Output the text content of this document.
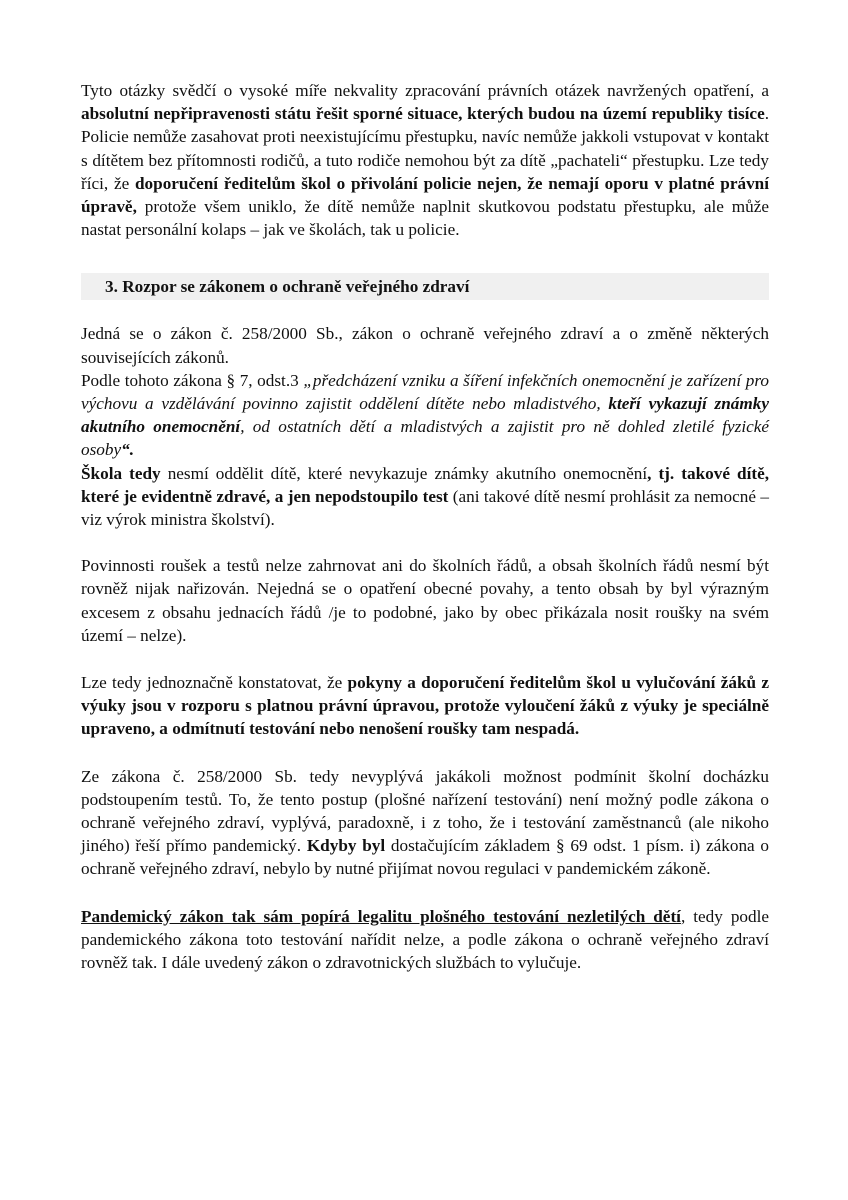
Tyto otázky svědčí o vysoké míře nekvality zpracování právních otázek navržených opatření, a absolutní nepřipravenosti státu řešit sporné situace, kterých budou na území republiky tisíce. Policie nemůže zasahovat proti neexistujícímu přestupku, navíc nemůže jakkoli vstupovat v kontakt s dítětem bez přítomnosti rodičů, a tuto rodiče nemohou být za dítě „pachateli“ přestupku. Lze tedy říci, že doporučení ředitelům škol o přivolání policie nejen, že nemají oporu v platné právní úpravě, protože všem uniklo, že dítě nemůže naplnit skutkovou podstatu přestupku, ale může nastat personální kolaps – jak ve školách, tak u policie.

3. Rozpor se zákonem o ochraně veřejného zdraví

Jedná se o zákon č. 258/2000 Sb., zákon o ochraně veřejného zdraví a o změně některých souvisejících zákonů.

Podle tohoto zákona § 7, odst.3 „předcházení vzniku a šíření infekčních onemocnění je zařízení pro výchovu a vzdělávání povinno zajistit oddělení dítěte nebo mladistvého, kteří vykazují známky akutního onemocnění, od ostatních dětí a mladistvých a zajistit pro ně dohled zletilé fyzické osoby“.

Škola tedy nesmí oddělit dítě, které nevykazuje známky akutního onemocnění, tj. takové dítě, které je evidentně zdravé, a jen nepodstoupilo test (ani takové dítě nesmí prohlásit za nemocné – viz výrok ministra školství).

Povinnosti roušek a testů nelze zahrnovat ani do školních řádů, a obsah školních řádů nesmí být rovněž nijak nařizován. Nejedná se o opatření obecné povahy, a tento obsah by byl výrazným excesem z obsahu jednacích řádů /je to podobné, jako by obec přikázala nosit roušky na svém území – nelze).

Lze tedy jednoznačně konstatovat, že pokyny a doporučení ředitelům škol u vylučování žáků z výuky jsou v rozporu s platnou právní úpravou, protože vyloučení žáků z výuky je speciálně upraveno, a odmítnutí testování nebo nenošení roušky tam nespadá.

Ze zákona č. 258/2000 Sb. tedy nevyplývá jakákoli možnost podmínit školní docházku podstoupením testů. To, že tento postup (plošné nařízení testování) není možný podle zákona o ochraně veřejného zdraví, vyplývá, paradoxně, i z toho, že i testování zaměstnanců (ale nikoho jiného) řeší přímo pandemický. Kdyby byl dostačujícím základem § 69 odst. 1 písm. i) zákona o ochraně veřejného zdraví, nebylo by nutné přijímat novou regulaci v pandemickém zákoně.

Pandemický zákon tak sám popírá legalitu plošného testování nezletilých dětí, tedy podle pandemického zákona toto testování nařídit nelze, a podle zákona o ochraně veřejného zdraví rovněž tak. I dále uvedený zákon o zdravotnických službách to vylučuje.
